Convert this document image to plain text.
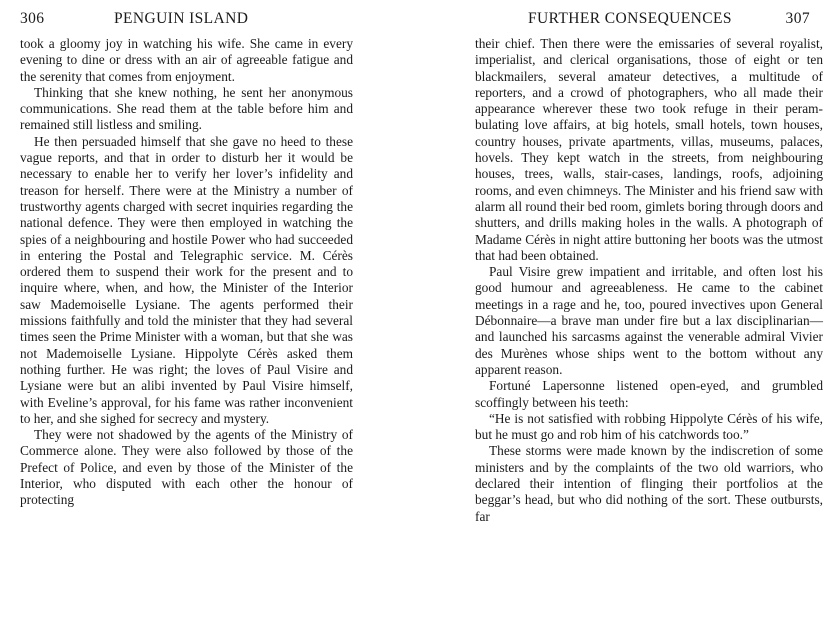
306	PENGUIN ISLAND

took a gloomy joy in watching his wife. She came in every evening to dine or dress with an air of agreeable fatigue and the serenity that comes from enjoyment.

Thinking that she knew nothing, he sent her anonymous communications. She read them at the table before him and remained still listless and smiling.

He then persuaded himself that she gave no heed to these vague reports, and that in order to disturb her it would be necessary to enable her to verify her lover’s infidelity and treason for herself. There were at the Ministry a number of trustworthy agents charged with secret inquiries regarding the national defence. They were then employed in watching the spies of a neighbouring and hostile Power who had succeeded in entering the Postal and Telegraphic service. M. Cérès ordered them to suspend their work for the present and to inquire where, when, and how, the Minister of the Interior saw Mademoiselle Lysiane. The agents performed their missions faithfully and told the minister that they had several times seen the Prime Minister with a woman, but that she was not Mademoiselle Lysiane. Hippolyte Cérès asked them nothing further. He was right; the loves of Paul Visire and Lysiane were but an alibi invented by Paul Visire himself, with Eveline’s approval, for his fame was rather inconvenient to her, and she sighed for secrecy and mystery.

They were not shadowed by the agents of the Ministry of Commerce alone. They were also followed by those of the Prefect of Police, and even by those of the Minister of the Interior, who disputed with each other the honour of protecting

FURTHER CONSEQUENCES	307

their chief. Then there were the emissaries of several royalist, imperialist, and clerical organisations, those of eight or ten blackmailers, several amateur detectives, a multitude of reporters, and a crowd of photographers, who all made their appearance wherever these two took refuge in their perambulating love affairs, at big hotels, small hotels, town houses, country houses, private apartments, villas, museums, palaces, hovels. They kept watch in the streets, from neighbouring houses, trees, walls, stair-cases, landings, roofs, adjoining rooms, and even chimneys. The Minister and his friend saw with alarm all round their bed room, gimlets boring through doors and shutters, and drills making holes in the walls. A photograph of Madame Cérès in night attire buttoning her boots was the utmost that had been obtained.

Paul Visire grew impatient and irritable, and often lost his good humour and agreeableness. He came to the cabinet meetings in a rage and he, too, poured invectives upon General Débonnaire—a brave man under fire but a lax disciplinarian—and launched his sarcasms against the venerable admiral Vivier des Murènes whose ships went to the bottom without any apparent reason.

Fortuné Lapersonne listened open-eyed, and grumbled scoffingly between his teeth:

“He is not satisfied with robbing Hippolyte Cérès of his wife, but he must go and rob him of his catchwords too.”

These storms were made known by the indiscretion of some ministers and by the complaints of the two old warriors, who declared their intention of flinging their portfolios at the beggar’s head, but who did nothing of the sort. These outbursts, far
